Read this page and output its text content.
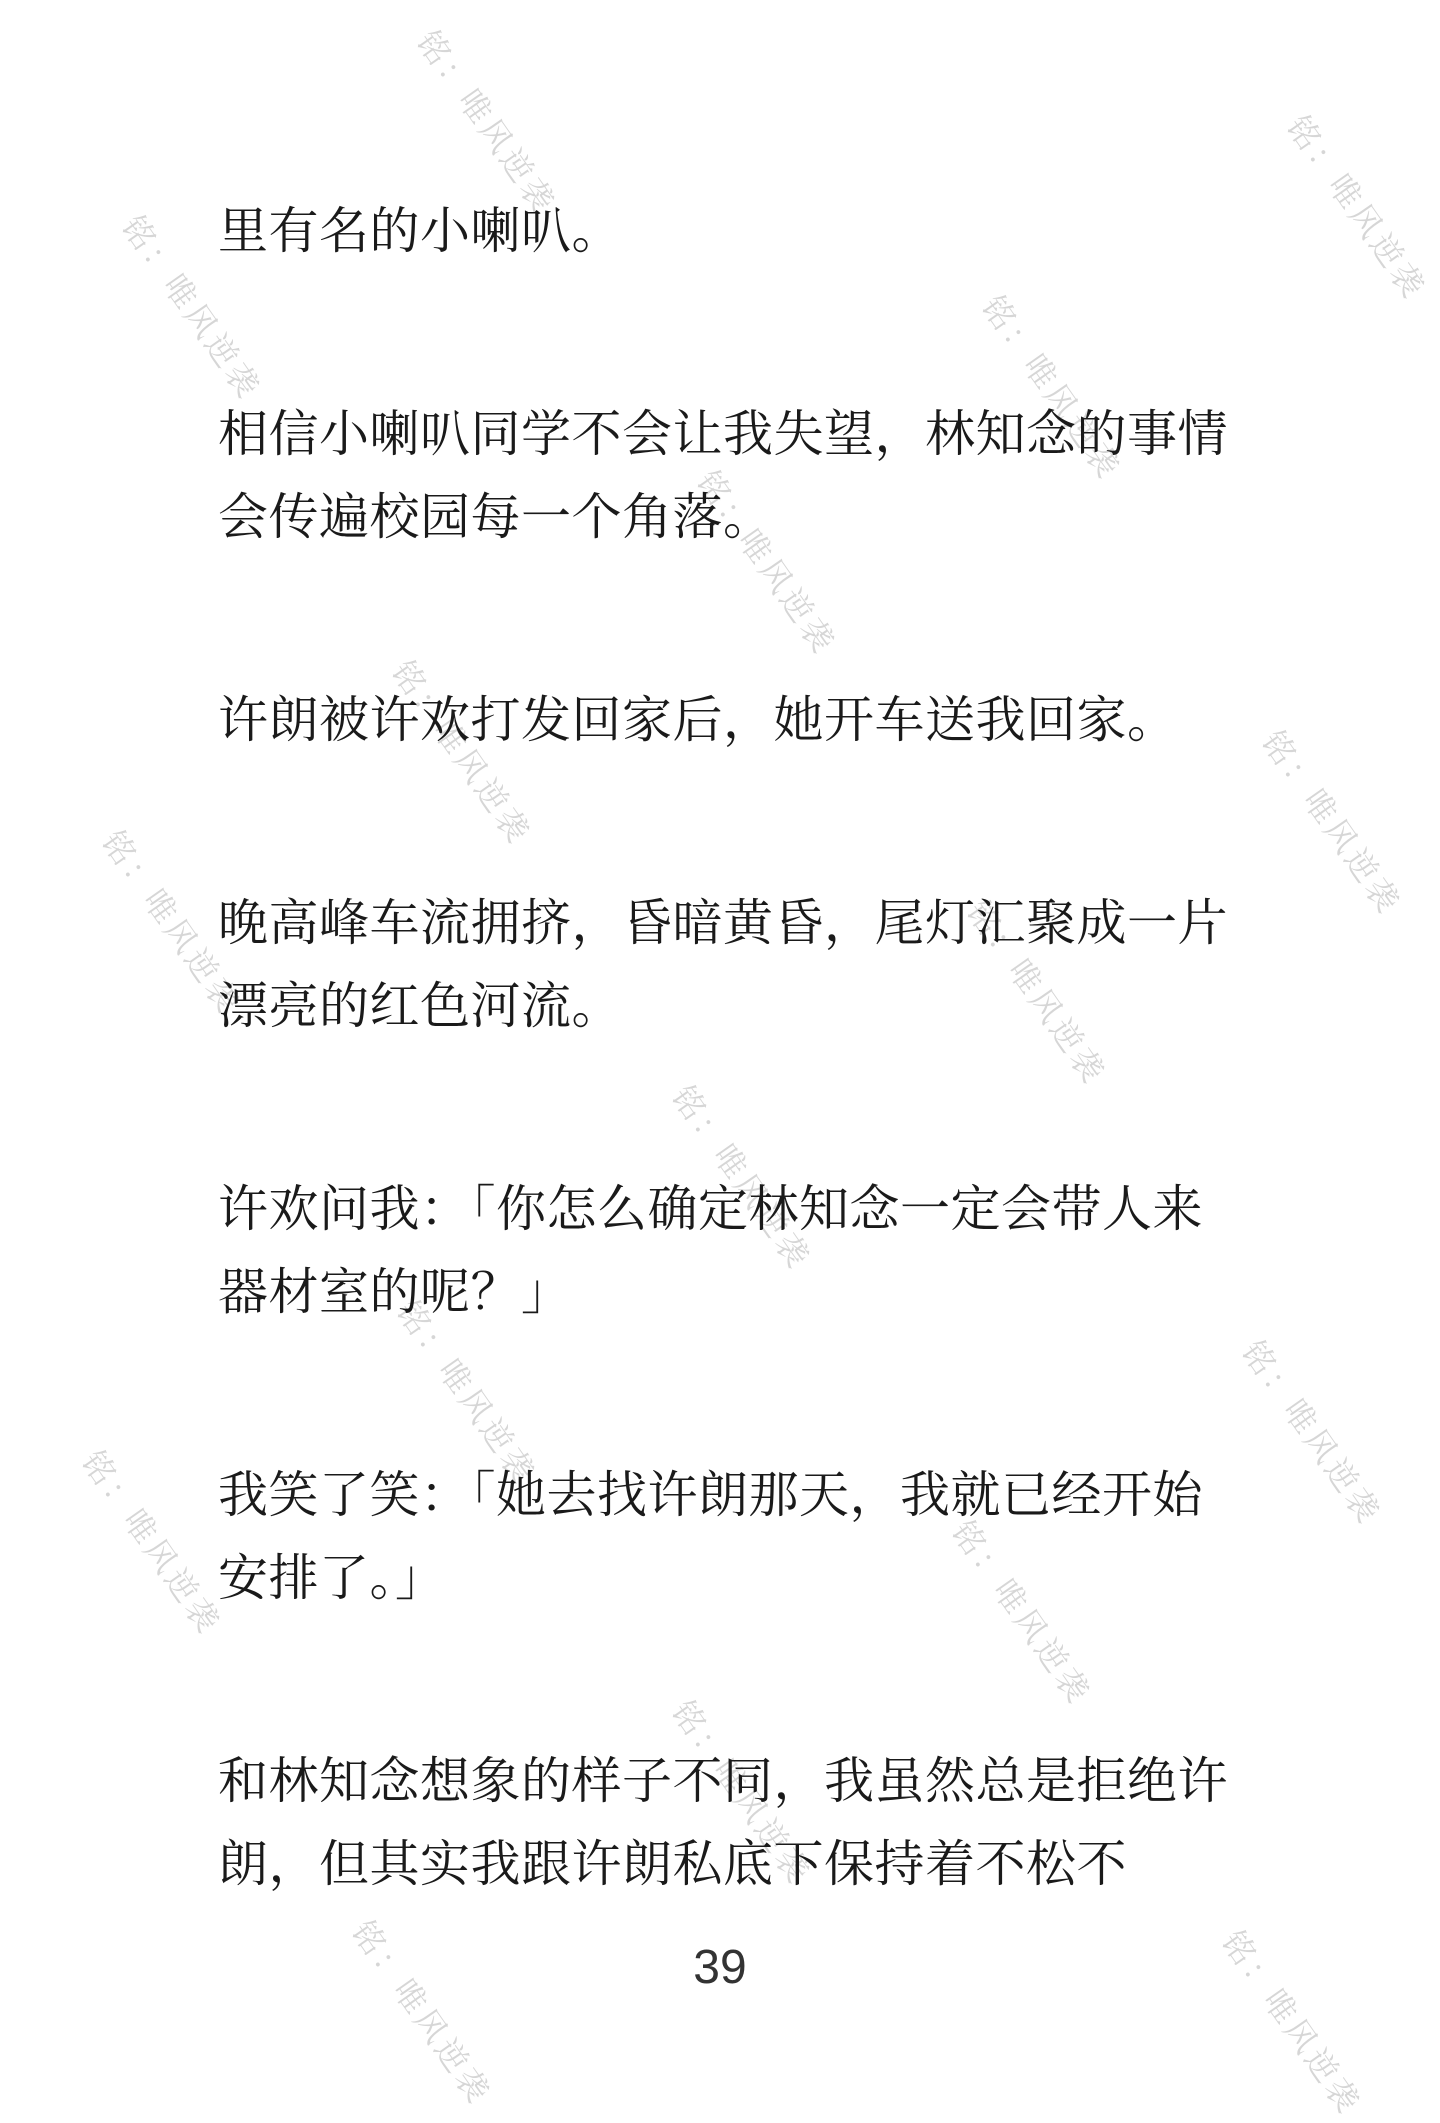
铭：唯风逆袭	铭：唯风逆袭
铭：唯风逆袭	铭：唯风逆袭
铭：唯风逆袭
铭：唯风逆袭	铭：唯风逆袭
铭：唯风逆袭	铭：唯风逆袭
铭：唯风逆袭
铭：唯风逆袭	铭：唯风逆袭
铭：唯风逆袭	铭：唯风逆袭
铭：唯风逆袭
铭：唯风逆袭	铭：唯风逆袭

里有名的小喇叭。

相信小喇叭同学不会让我失望，林知念的事情会传遍校园每一个角落。

许朗被许欢打发回家后，她开车送我回家。

晚高峰车流拥挤，昏暗黄昏，尾灯汇聚成一片漂亮的红色河流。

许欢问我：「你怎么确定林知念一定会带人来器材室的呢？」

我笑了笑：「她去找许朗那天，我就已经开始安排了。」

和林知念想象的样子不同，我虽然总是拒绝许朗，但其实我跟许朗私底下保持着不松不

39
